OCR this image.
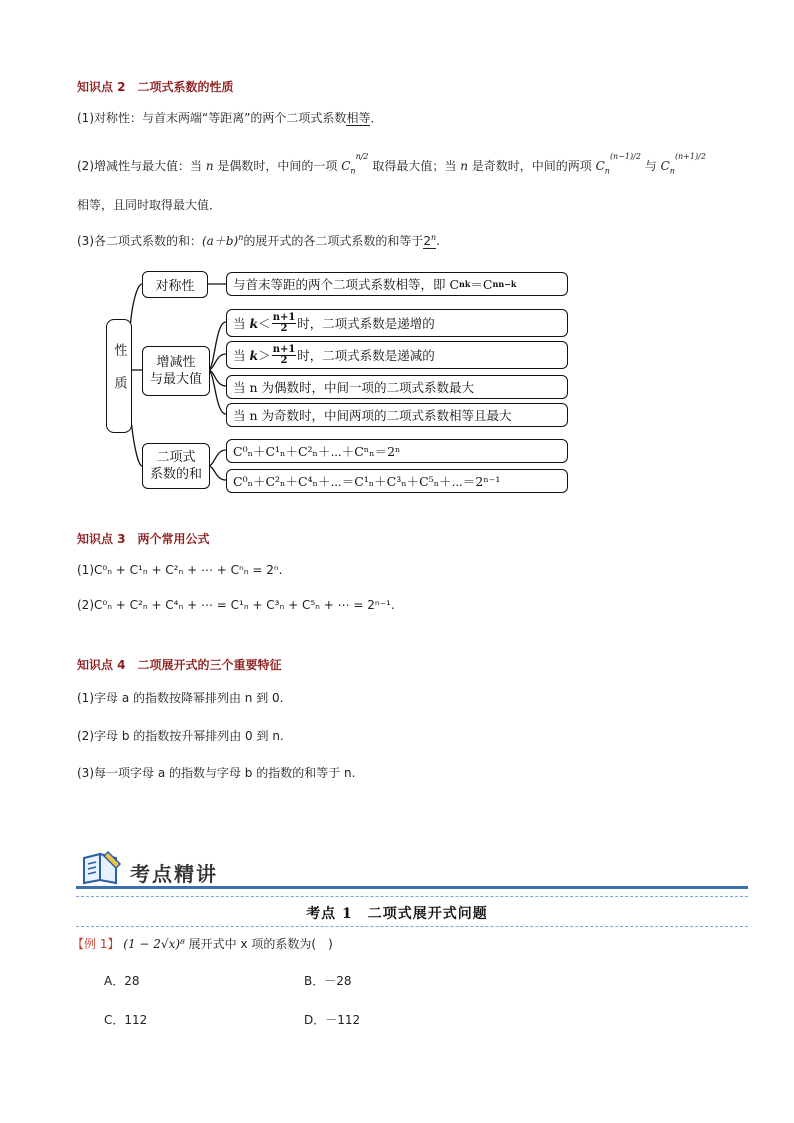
知识点 2　二项式系数的性质
(1)对称性：与首末两端“等距离”的两个二项式系数相等．
(2)增减性与最大值：当 n 是偶数时，中间的一项 $C_n^{n/2}$ 取得最大值；当 n 是奇数时，中间的两项 $C_n^{(n-1)/2}$ 与 $C_n^{(n+1)/2}$
相等，且同时取得最大值．
(3)各二项式系数的和：$(a+b)^n$的展开式的各二项式系数的和等于2$^n$.
性质
对称性
增减性
与最大值
二项式
系数的和
与首末等距的两个二项式系数相等，即 C n k ＝C n n−k
当
$k < \frac{n+1}{2}$ 时，二项式系数是递增的
当
$k > \frac{n+1}{2}$ 时，二项式系数是递减的
当 n 为偶数时，中间一项的二项式系数最大
当 n 为奇数时，中间两项的二项式系数相等且最大
C⁰ₙ＋C¹ₙ＋C²ₙ＋⋯＋Cⁿₙ＝2ⁿ
C⁰ₙ＋C²ₙ＋C⁴ₙ＋⋯＝C¹ₙ＋C³ₙ＋C⁵ₙ＋⋯＝2ⁿ⁻¹
知识点 3　两个常用公式
(1)C⁰ₙ + C¹ₙ + C²ₙ + ⋯ + Cⁿₙ = 2ⁿ.
(2)C⁰ₙ + C²ₙ + C⁴ₙ + ⋯ = C¹ₙ + C³ₙ + C⁵ₙ + ⋯ = 2ⁿ⁻¹.
知识点 4　二项展开式的三个重要特征
(1)字母 a 的指数按降幂排列由 n 到 0.
(2)字母 b 的指数按升幂排列由 0 到 n.
(3)每一项字母 a 的指数与字母 b 的指数的和等于 n.
考点精讲
考点 1　二项式展开式问题
【例 1】 (1 − 2√x)⁸ 展开式中 x 项的系数为(　)
A．28	B．－28
C．112	D．－112
